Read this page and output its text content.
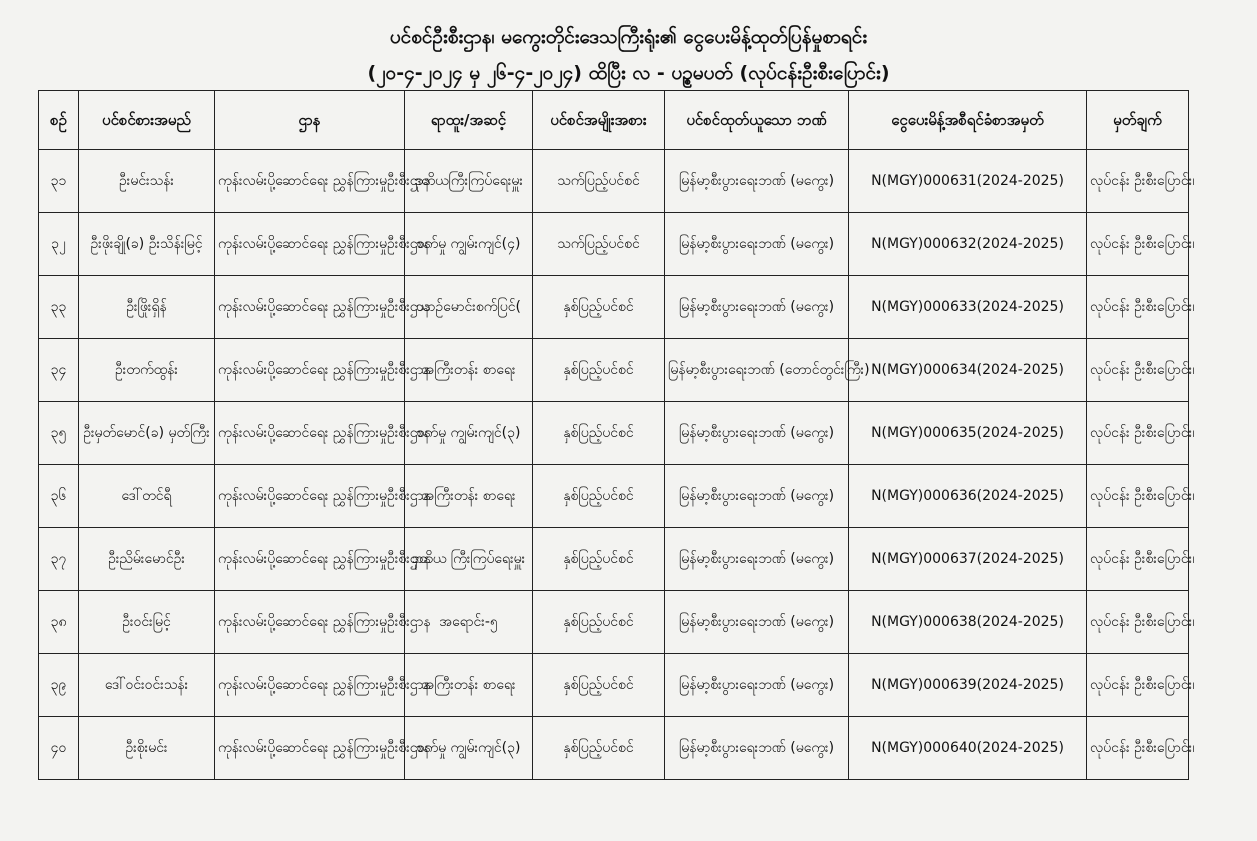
ပင်စင်ဦးစီးဌာန၊ မကွေးတိုင်းဒေသကြီးရုံး၏ ငွေပေးမိန့်ထုတ်ပြန်မှုစာရင်း
(၂၀-၄-၂၀၂၄ မှ ၂၆-၄-၂၀၂၄) ထိပြီး လ - ပဉ္စမပတ် (လုပ်ငန်းဦးစီးပြောင်း)
စဉ်	ပင်စင်စားအမည်	ဌာန	ရာထူး/အဆင့်	ပင်စင်အမျိုးအစား	ပင်စင်ထုတ်ယူသော ဘဏ်	ငွေပေးမိန့်အစီရင်ခံစာအမှတ်	မှတ်ချက်
၃၁	ဦးမင်းသန်း	ကုန်းလမ်းပို့ဆောင်ရေး ညွှန်ကြားမှုဦးစီးဌာန	ဒုတိယကြီးကြပ်ရေးမှူး	သက်ပြည့်ပင်စင်	မြန်မာ့စီးပွားရေးဘဏ် (မကွေး)	N(MGY)000631(2024-2025)	လုပ်ငန်း ဦးစီးပြောင်း၊
၃၂	ဦးဖိုးချို(ခ) ဦးသိန်းမြင့်	ကုန်းလမ်းပို့ဆောင်ရေး ညွှန်ကြားမှုဦးစီးဌာန	စက်မှု ကျွမ်းကျင်(၄)	သက်ပြည့်ပင်စင်	မြန်မာ့စီးပွားရေးဘဏ် (မကွေး)	N(MGY)000632(2024-2025)	လုပ်ငန်း ဦးစီးပြောင်း၊
၃၃	ဦးဖြိုးရှိန်	ကုန်းလမ်းပို့ဆောင်ရေး ညွှန်ကြားမှုဦးစီးဌာန	ယာဉ်မောင်းစက်ပြင်(	နှစ်ပြည့်ပင်စင်	မြန်မာ့စီးပွားရေးဘဏ် (မကွေး)	N(MGY)000633(2024-2025)	လုပ်ငန်း ဦးစီးပြောင်း၊
၃၄	ဦးတက်ထွန်း	ကုန်းလမ်းပို့ဆောင်ရေး ညွှန်ကြားမှုဦးစီးဌာန	အကြီးတန်း စာရေး	နှစ်ပြည့်ပင်စင်	မြန်မာ့စီးပွားရေးဘဏ် (တောင်တွင်းကြီး)	N(MGY)000634(2024-2025)	လုပ်ငန်း ဦးစီးပြောင်း၊
၃၅	ဦးမှတ်မောင်(ခ) မှတ်ကြီး	ကုန်းလမ်းပို့ဆောင်ရေး ညွှန်ကြားမှုဦးစီးဌာန	စက်မှု ကျွမ်းကျင်(၃)	နှစ်ပြည့်ပင်စင်	မြန်မာ့စီးပွားရေးဘဏ် (မကွေး)	N(MGY)000635(2024-2025)	လုပ်ငန်း ဦးစီးပြောင်း၊
၃၆	ဒေါ်တင်ရီ	ကုန်းလမ်းပို့ဆောင်ရေး ညွှန်ကြားမှုဦးစီးဌာန	အကြီးတန်း စာရေး	နှစ်ပြည့်ပင်စင်	မြန်မာ့စီးပွားရေးဘဏ် (မကွေး)	N(MGY)000636(2024-2025)	လုပ်ငန်း ဦးစီးပြောင်း၊
၃၇	ဦးညိမ်းမောင်ဦး	ကုန်းလမ်းပို့ဆောင်ရေး ညွှန်ကြားမှုဦးစီးဌာန	ဒုတိယ ကြီးကြပ်ရေးမှူး	နှစ်ပြည့်ပင်စင်	မြန်မာ့စီးပွားရေးဘဏ် (မကွေး)	N(MGY)000637(2024-2025)	လုပ်ငန်း ဦးစီးပြောင်း၊
၃၈	ဦးဝင်းမြင့်	ကုန်းလမ်းပို့ဆောင်ရေး ညွှန်ကြားမှုဦးစီးဌာန	အရောင်း-၅	နှစ်ပြည့်ပင်စင်	မြန်မာ့စီးပွားရေးဘဏ် (မကွေး)	N(MGY)000638(2024-2025)	လုပ်ငန်း ဦးစီးပြောင်း၊
၃၉	ဒေါ်ဝင်းဝင်းသန်း	ကုန်းလမ်းပို့ဆောင်ရေး ညွှန်ကြားမှုဦးစီးဌာန	အကြီးတန်း စာရေး	နှစ်ပြည့်ပင်စင်	မြန်မာ့စီးပွားရေးဘဏ် (မကွေး)	N(MGY)000639(2024-2025)	လုပ်ငန်း ဦးစီးပြောင်း၊
၄၀	ဦးစိုးမင်း	ကုန်းလမ်းပို့ဆောင်ရေး ညွှန်ကြားမှုဦးစီးဌာန	စက်မှု ကျွမ်းကျင်(၃)	နှစ်ပြည့်ပင်စင်	မြန်မာ့စီးပွားရေးဘဏ် (မကွေး)	N(MGY)000640(2024-2025)	လုပ်ငန်း ဦးစီးပြောင်း၊
